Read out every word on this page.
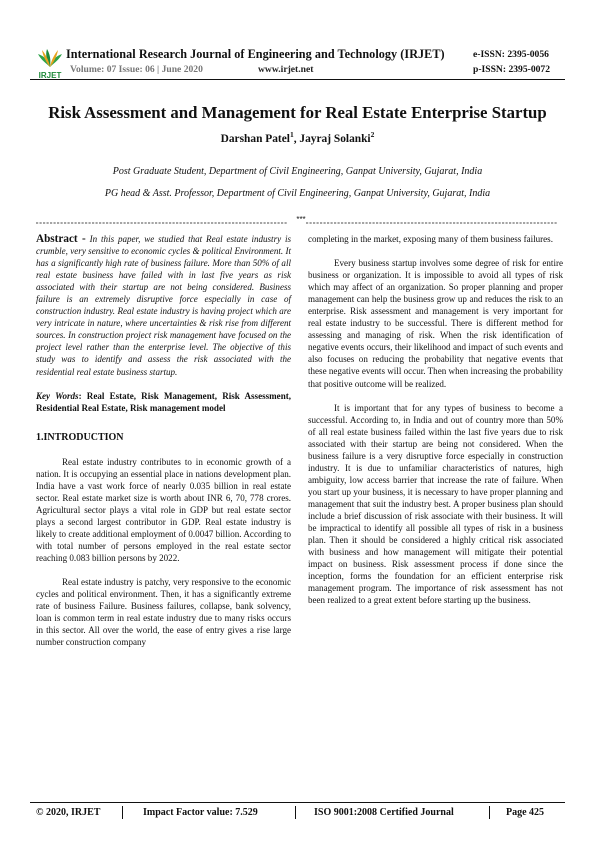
IRJET
International Research Journal of Engineering and Technology (IRJET)
Volume: 07 Issue: 06 | June 2020	www.irjet.net
e-ISSN: 2395-0056
p-ISSN: 2395-0072
Risk Assessment and Management for Real Estate Enterprise Startup
Darshan Patel$^1$, Jayraj Solanki$^2$
Post Graduate Student, Department of Civil Engineering, Ganpat University, Gujarat, India
PG head & Asst. Professor, Department of Civil Engineering, Ganpat University, Gujarat, India
***

Abstract - In this paper, we studied that Real estate industry is crumble, very sensitive to economic cycles & political Environment. It has a significantly high rate of business failure. More than 50% of all real estate business have failed with in last five years as risk associated with their startup are not being considered. Business failure is an extremely disruptive force especially in case of construction industry. Real estate industry is having project which are very intricate in nature, where uncertainties & risk rise from different sources. In construction project risk management have focused on the project level rather than the enterprise level. The objective of this study was to identify and assess the risk associated with the residential real estate business startup.

Key Words: Real Estate, Risk Management, Risk Assessment, Residential Real Estate, Risk management model

1.INTRODUCTION

Real estate industry contributes to in economic growth of a nation. It is occupying an essential place in nations development plan. India have a vast work force of nearly 0.035 billion in real estate sector. Real estate market size is worth about INR 6, 70, 778 crores. Agricultural sector plays a vital role in GDP but real estate sector plays a second largest contributor in GDP. Real estate industry is likely to create additional employment of 0.0047 billion. According to with total number of persons employed in the real estate sector reaching 0.083 billion persons by 2022.

Real estate industry is patchy, very responsive to the economic cycles and political environment. Then, it has a significantly extreme rate of business Failure. Business failures, collapse, bank solvency, loan is common term in real estate industry due to many risks occurs in this sector. All over the world, the ease of entry gives a rise large number construction company

completing in the market, exposing many of them business failures.

Every business startup involves some degree of risk for entire business or organization. It is impossible to avoid all types of risk which may affect of an organization. So proper planning and proper management can help the business grow up and reduces the risk to an enterprise. Risk assessment and management is very important for real estate industry to be successful. There is different method for assessing and managing of risk. When the risk identification of negative events occurs, their likelihood and impact of such events and also focuses on reducing the probability that negative events that these negative events will occur. Then when increasing the probability that positive outcome will be realized.

It is important that for any types of business to become a successful. According to, in India and out of country more than 50% of all real estate business failed within the last five years due to risk associated with their startup are being not considered. When the business failure is a very disruptive force especially in construction industry. It is due to unfamiliar characteristics of natures, high ambiguity, low access barrier that increase the rate of failure. When you start up your business, it is necessary to have proper planning and management that suit the industry best. A proper business plan should include a brief discussion of risk associate with their business. It will be impractical to identify all possible all types of risk in a business plan. Then it should be considered a highly critical risk associated with business and how management will mitigate their potential impact on business. Risk assessment process if done since the inception, forms the foundation for an efficient enterprise risk management program. The importance of risk assessment has not been realized to a great extent before starting up the business.

© 2020, IRJET	Impact Factor value: 7.529	ISO 9001:2008 Certified Journal	Page 425
